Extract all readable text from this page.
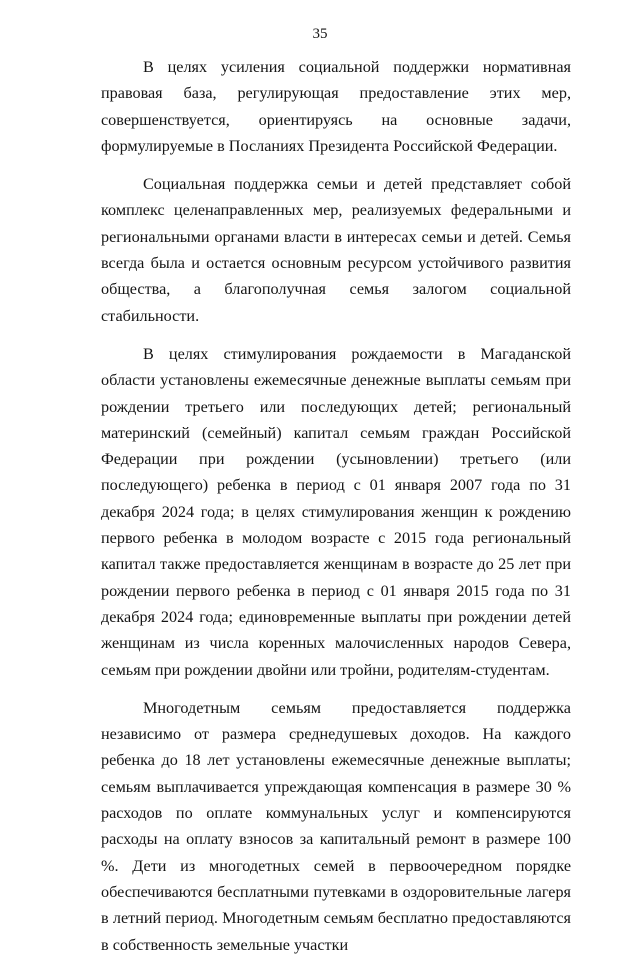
35

В целях усиления социальной поддержки нормативная правовая база, регулирующая предоставление этих мер, совершенствуется, ориентируясь на основные задачи, формулируемые в Посланиях Президента Российской Федерации.

Социальная поддержка семьи и детей представляет собой комплекс целенаправленных мер, реализуемых федеральными и региональными органами власти в интересах семьи и детей. Семья всегда была и остается основным ресурсом устойчивого развития общества, а благополучная семья залогом социальной стабильности.

В целях стимулирования рождаемости в Магаданской области установлены ежемесячные денежные выплаты семьям при рождении третьего или последующих детей; региональный материнский (семейный) капитал семьям граждан Российской Федерации при рождении (усыновлении) третьего (или последующего) ребенка в период с 01 января 2007 года по 31 декабря 2024 года; в целях стимулирования женщин к рождению первого ребенка в молодом возрасте с 2015 года региональный капитал также предоставляется женщинам в возрасте до 25 лет при рождении первого ребенка в период с 01 января 2015 года по 31 декабря 2024 года; единовременные выплаты при рождении детей женщинам из числа коренных малочисленных народов Севера, семьям при рождении двойни или тройни, родителям-студентам.

Многодетным семьям предоставляется поддержка независимо от размера среднедушевых доходов. На каждого ребенка до 18 лет установлены ежемесячные денежные выплаты; семьям выплачивается упреждающая компенсация в размере 30 % расходов по оплате коммунальных услуг и компенсируются расходы на оплату взносов за капитальный ремонт в размере 100 %. Дети из многодетных семей в первоочередном порядке обеспечиваются бесплатными путевками в оздоровительные лагеря в летний период. Многодетным семьям бесплатно предоставляются в собственность земельные участки
